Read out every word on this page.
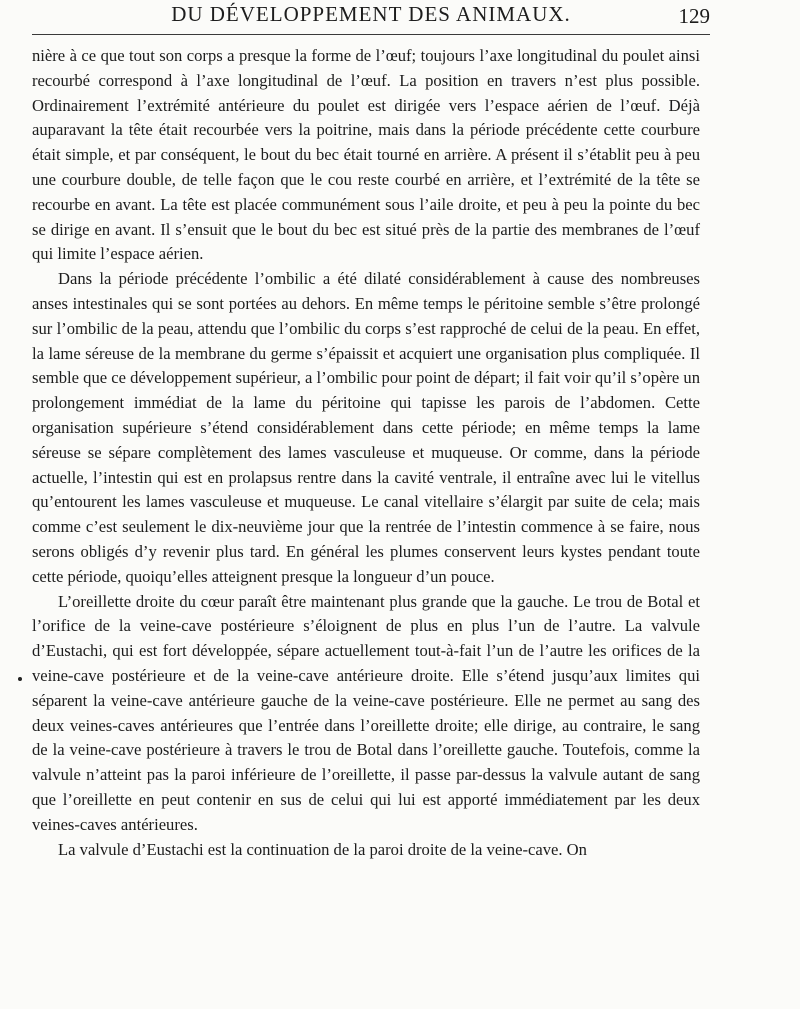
DU DÉVELOPPEMENT DES ANIMAUX.	129

nière à ce que tout son corps a presque la forme de l’œuf; toujours l’axe longitudinal du poulet ainsi recourbé correspond à l’axe longitudinal de l’œuf. La position en travers n’est plus possible. Ordinairement l’extrémité antérieure du poulet est dirigée vers l’espace aérien de l’œuf. Déjà auparavant la tête était recourbée vers la poitrine, mais dans la période précédente cette courbure était simple, et par conséquent, le bout du bec était tourné en arrière. A présent il s’établit peu à peu une courbure double, de telle façon que le cou reste courbé en arrière, et l’extrémité de la tête se recourbe en avant. La tête est placée communément sous l’aile droite, et peu à peu la pointe du bec se dirige en avant. Il s’ensuit que le bout du bec est situé près de la partie des membranes de l’œuf qui limite l’espace aérien.

Dans la période précédente l’ombilic a été dilaté considérablement à cause des nombreuses anses intestinales qui se sont portées au dehors. En même temps le péritoine semble s’être prolongé sur l’ombilic de la peau, attendu que l’ombilic du corps s’est rapproché de celui de la peau. En effet, la lame séreuse de la membrane du germe s’épaissit et acquiert une organisation plus compliquée. Il semble que ce développement supérieur, a l’ombilic pour point de départ; il fait voir qu’il s’opère un prolongement immédiat de la lame du péritoine qui tapisse les parois de l’abdomen. Cette organisation supérieure s’étend considérablement dans cette période; en même temps la lame séreuse se sépare complètement des lames vasculeuse et muqueuse. Or comme, dans la période actuelle, l’intestin qui est en prolapsus rentre dans la cavité ventrale, il entraîne avec lui le vitellus qu’entourent les lames vasculeuse et muqueuse. Le canal vitellaire s’élargit par suite de cela; mais comme c’est seulement le dix-neuvième jour que la rentrée de l’intestin commence à se faire, nous serons obligés d’y revenir plus tard. En général les plumes conservent leurs kystes pendant toute cette période, quoiqu’elles atteignent presque la longueur d’un pouce.

L’oreillette droite du cœur paraît être maintenant plus grande que la gauche. Le trou de Botal et l’orifice de la veine-cave postérieure s’éloignent de plus en plus l’un de l’autre. La valvule d’Eustachi, qui est fort développée, sépare actuellement tout-à-fait l’un de l’autre les orifices de la veine-cave postérieure et de la veine-cave antérieure droite. Elle s’étend jusqu’aux limites qui séparent la veine-cave antérieure gauche de la veine-cave postérieure. Elle ne permet au sang des deux veines-caves antérieures que l’entrée dans l’oreillette droite; elle dirige, au contraire, le sang de la veine-cave postérieure à travers le trou de Botal dans l’oreillette gauche. Toutefois, comme la valvule n’atteint pas la paroi inférieure de l’oreillette, il passe par-dessus la valvule autant de sang que l’oreillette en peut contenir en sus de celui qui lui est apporté immédiatement par les deux veines-caves antérieures.

La valvule d’Eustachi est la continuation de la paroi droite de la veine-cave. On
